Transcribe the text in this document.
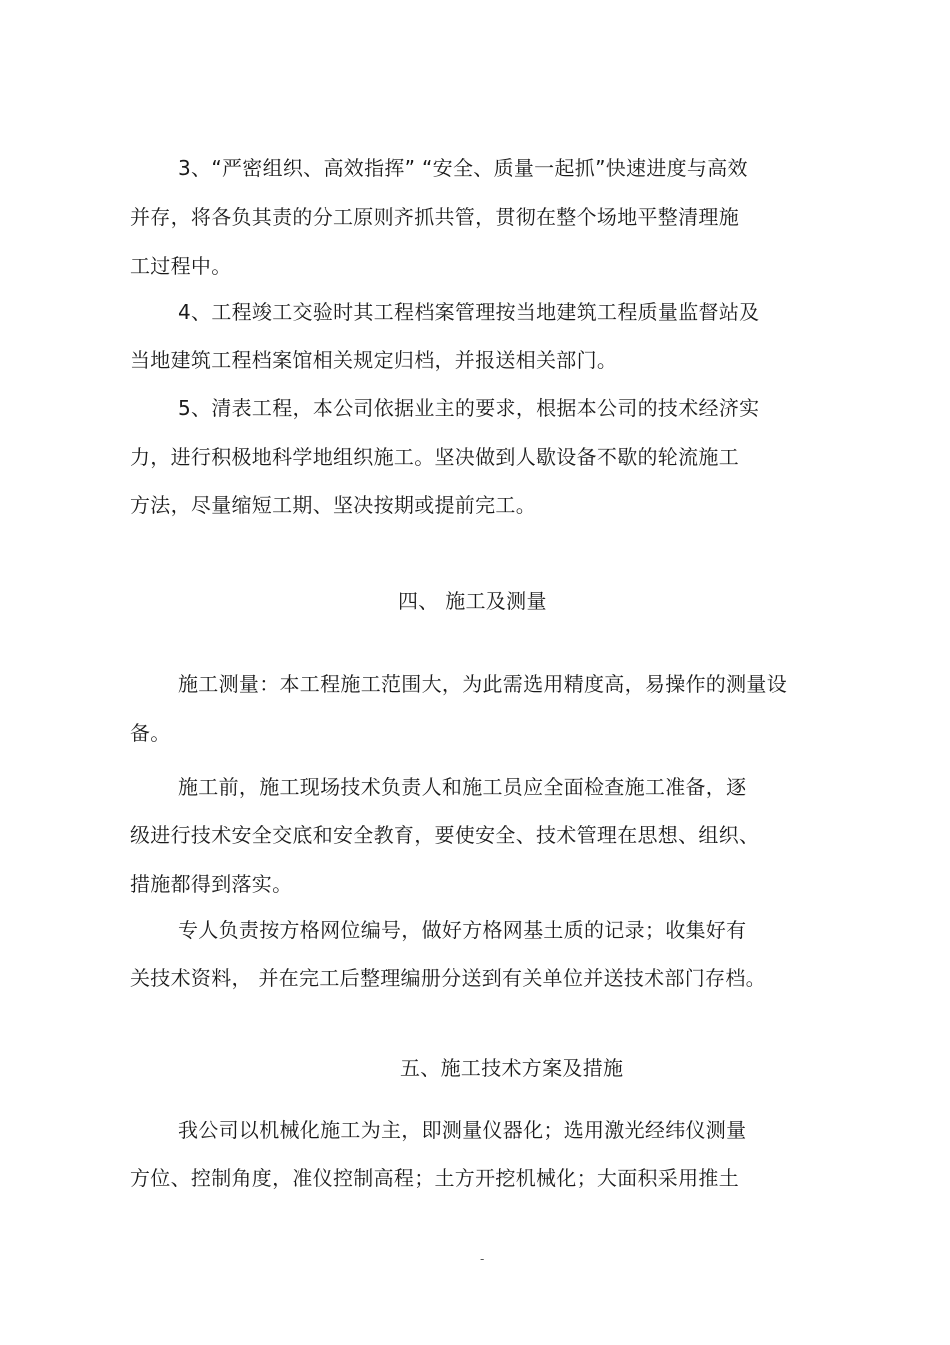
3、“严密组织、高效指挥” “安全、质量一起抓”快速进度与高效
并存，将各负其责的分工原则齐抓共管，贯彻在整个场地平整清理施
工过程中。
4、工程竣工交验时其工程档案管理按当地建筑工程质量监督站及
当地建筑工程档案馆相关规定归档，并报送相关部门。
5、清表工程，本公司依据业主的要求，根据本公司的技术经济实
力，进行积极地科学地组织施工。坚决做到人歇设备不歇的轮流施工
方法，尽量缩短工期、坚决按期或提前完工。
四、 施工及测量
施工测量：本工程施工范围大，为此需选用精度高，易操作的测量设
备。
施工前，施工现场技术负责人和施工员应全面检查施工准备，逐
级进行技术安全交底和安全教育，要使安全、技术管理在思想、组织、
措施都得到落实。
专人负责按方格网位编号，做好方格网基土质的记录；收集好有
关技术资料， 并在完工后整理编册分送到有关单位并送技术部门存档。
五、施工技术方案及措施
我公司以机械化施工为主，即测量仪器化；选用激光经纬仪测量
方位、控制角度，准仪控制高程；土方开挖机械化；大面积采用推土
-
